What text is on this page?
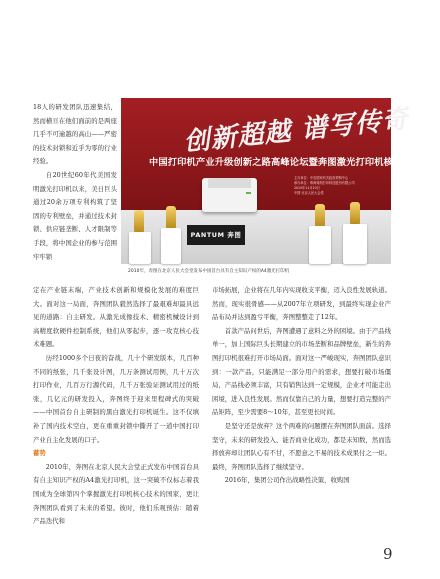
18人的研发团队迅速集结，然而横亘在他们面前的是两座几乎不可逾越的高山——严密的技术封锁和近乎为零的行业经验。

自20世纪60年代美国发明激光打印机以来，美日巨头通过20余万项专利构筑了坚固的专利壁垒，并通过技术封锁、供应链垄断、人才限制等手段，将中国企业的参与范围牢牢锁

创新超越 谱写传奇
中国打印机产业升级创新之路高峰论坛暨奔图激光打印机核心技术发布
主办单位：中央国家机关政府采购中心
承办单位：珠海赛纳打印科技股份有限公司
2010年11月20日
中国·北京人民大会堂
PANTUM 奔图
2010年，奔图在北京人民大会堂发布中国首台具有自主知识产权的A4激光打印机

定在产业链末端，产业技术创新和规模化发展的难度巨大。面对这一局面，奔图团队毅然选择了最艰难却最具远见的道路：自主研发。从激光成像技术、精密机械设计到高精度软硬件控制系统，他们从零起步，逐一攻克核心技术难题。

历经1000多个日夜的奋战，几十个研发版本，几百种不同的纸张，几千张设计图，几万条测试用例，几十万次打印作业，几百万行源代码，几千万张验证测试用过的纸张，几亿元的研发投入，奔图终于迎来里程碑式的突破——中国首台自主研制的黑白激光打印机诞生。这不仅填补了国内技术空白，更在重重封锁中撕开了一道中国打印产业自主化发展的口子。

蓄势

2010年，奔图在北京人民大会堂正式发布中国首台具有自主知识产权的A4激光打印机，这一突破不仅标志着我国成为全球第四个掌握激光打印机核心技术的国家，更让奔图团队看到了未来的希望。彼时，他们乐观预估：随着产品迭代和

市场拓展，企业将在几年内实现收支平衡，迈入良性发展轨道。然而，现实很骨感——从2007年立项研发，到最终实现企业产品布局并达到盈亏平衡，奔图整整走了12年。

首款产品问世后，奔图遭遇了意料之外的困境。由于产品线单一，加上国际巨头长期建立的市场垄断和品牌壁垒，新生的奔图打印机很难打开市场局面。面对这一严峻现实，奔图团队意识到：一款产品，只能满足一部分用户的需求，想要打破市场僵局，产品线必须丰富，只有销售达到一定规模，企业才可能走出困境，进入良性发展。然而仅靠自己的力量，想要打造完整的产品矩阵，至少需要8～10年，甚至更长时间。

是坚守还是放弃？这个两难的问题摆在奔图团队面前。选择坚守，未来的研发投入、能否商业化成功，都是未知数，然而选择放弃却让团队心有不甘，不愿意之不易的技术成果付之一炬。最终，奔图团队选择了继续坚守。

2016年，集团公司作出战略性决策，收购国

9
